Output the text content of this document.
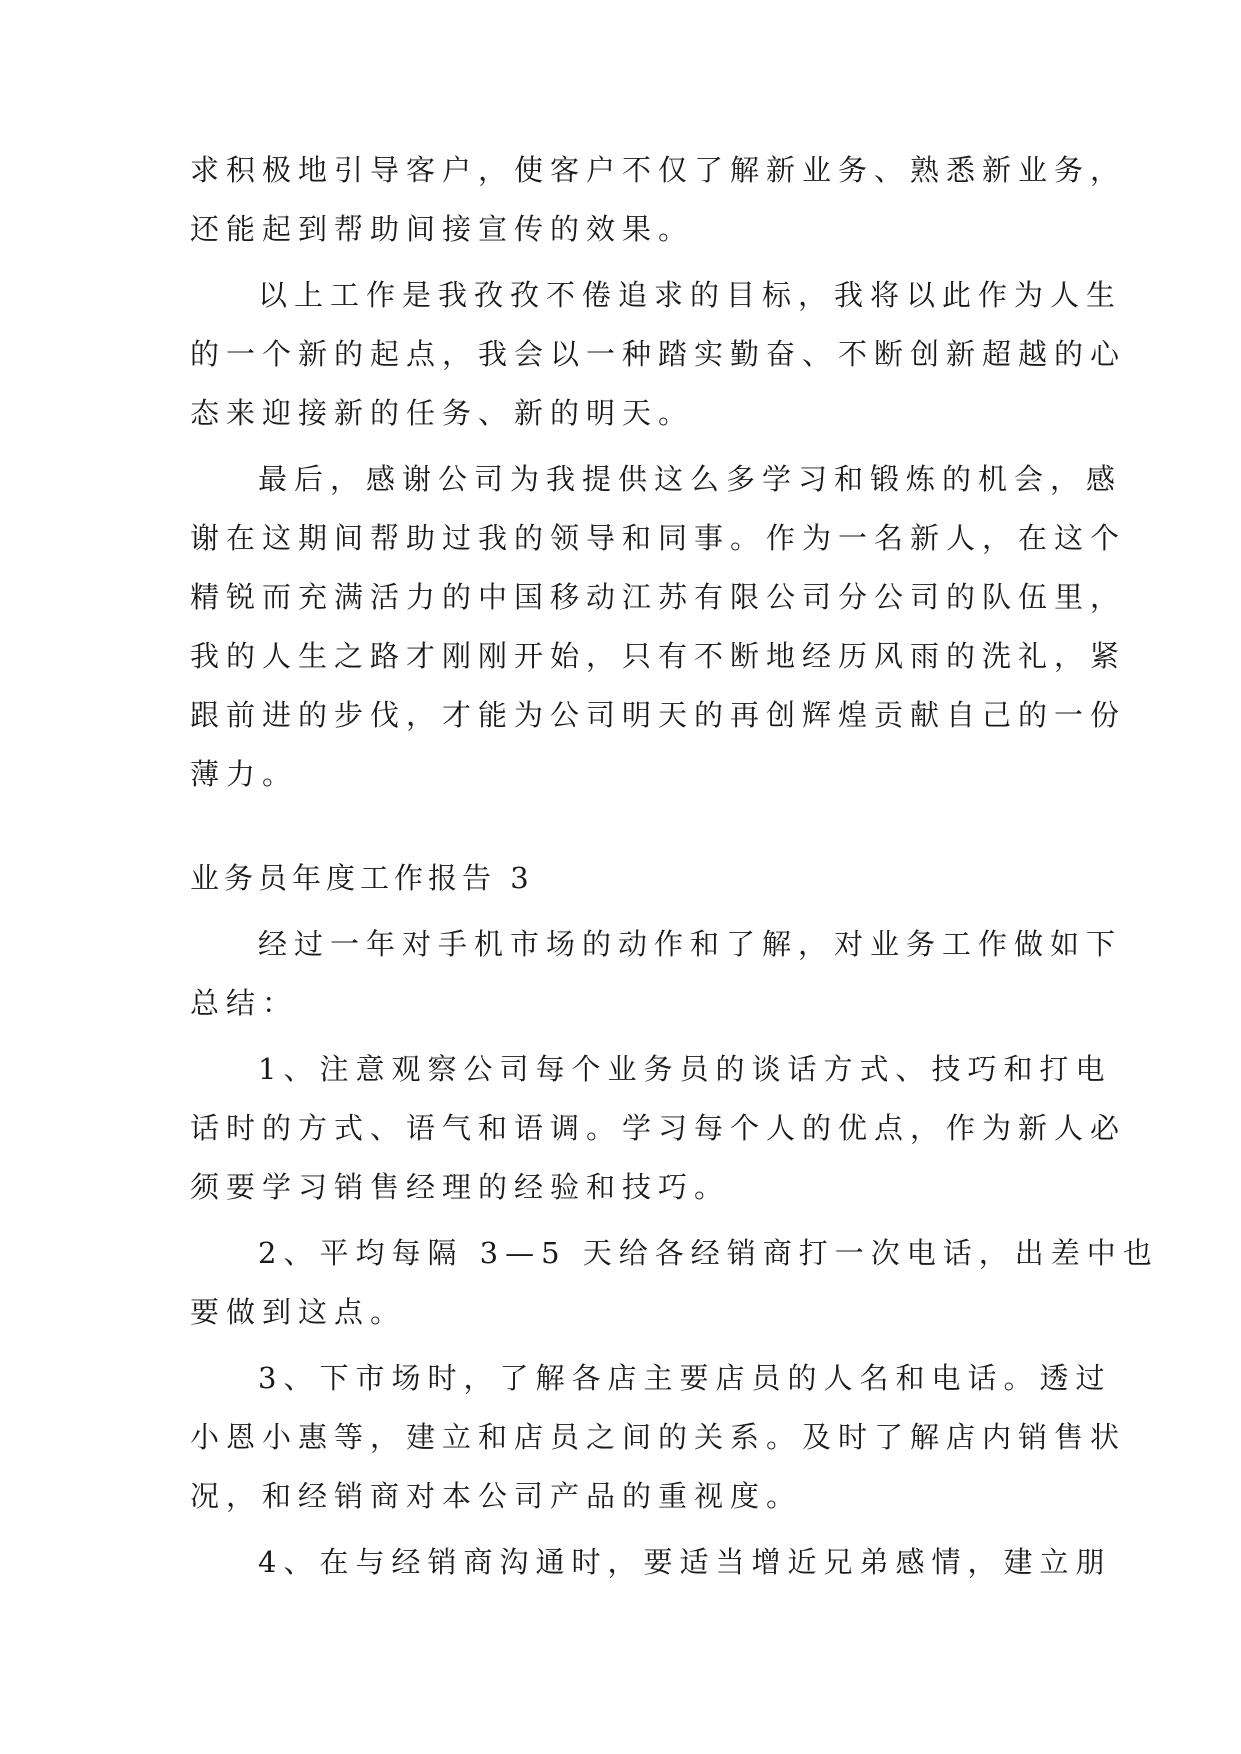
求积极地引导客户，使客户不仅了解新业务、熟悉新业务，

还能起到帮助间接宣传的效果。

以上工作是我孜孜不倦追求的目标，我将以此作为人生

的一个新的起点，我会以一种踏实勤奋、不断创新超越的心

态来迎接新的任务、新的明天。

最后，感谢公司为我提供这么多学习和锻炼的机会，感

谢在这期间帮助过我的领导和同事。作为一名新人，在这个

精锐而充满活力的中国移动江苏有限公司分公司的队伍里，

我的人生之路才刚刚开始，只有不断地经历风雨的洗礼，紧

跟前进的步伐，才能为公司明天的再创辉煌贡献自己的一份

薄力。

业务员年度工作报告 3

经过一年对手机市场的动作和了解，对业务工作做如下

总结：

1、注意观察公司每个业务员的谈话方式、技巧和打电

话时的方式、语气和语调。学习每个人的优点，作为新人必

须要学习销售经理的经验和技巧。

2、平均每隔 3—5 天给各经销商打一次电话，出差中也

要做到这点。

3、下市场时，了解各店主要店员的人名和电话。透过

小恩小惠等，建立和店员之间的关系。及时了解店内销售状

况，和经销商对本公司产品的重视度。

4、在与经销商沟通时，要适当增近兄弟感情，建立朋
